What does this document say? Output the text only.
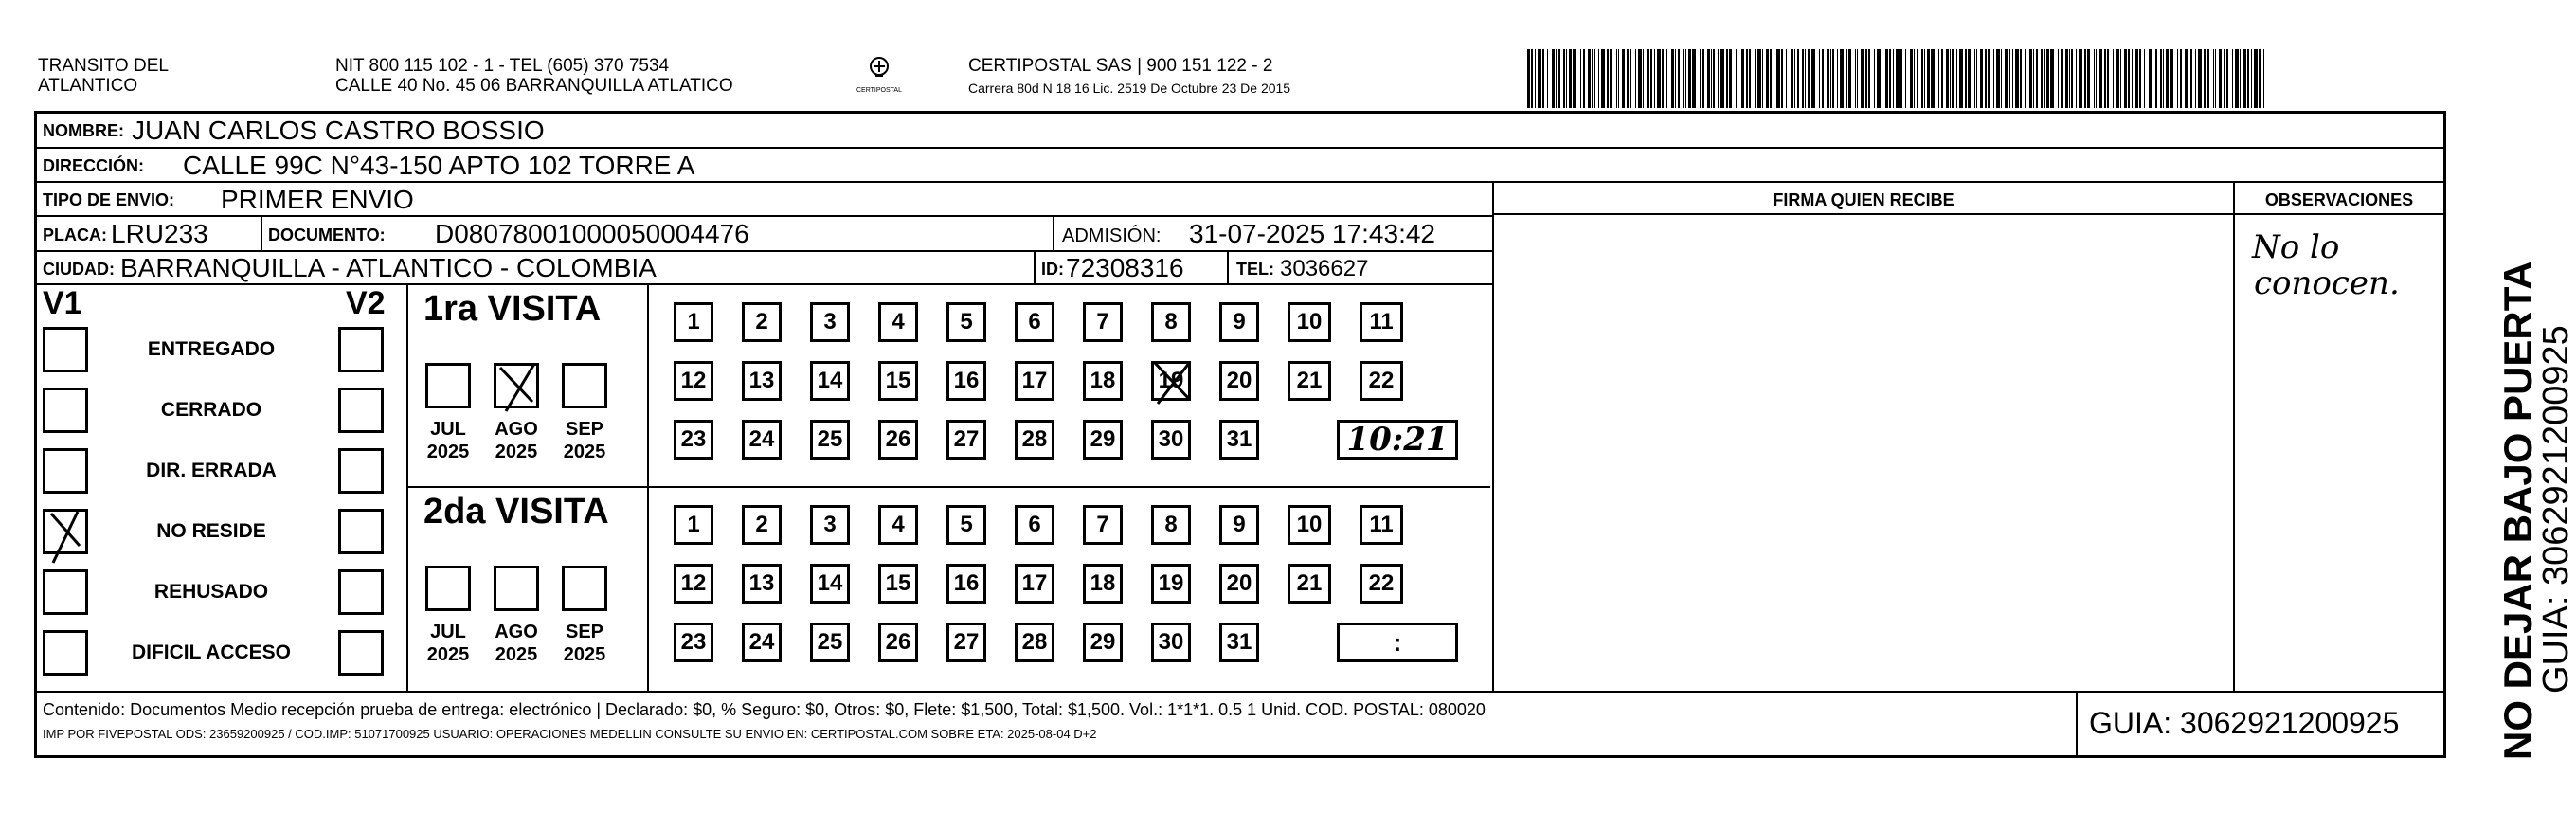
TRANSITO DEL
ATLANTICO
NIT 800 115 102 - 1 - TEL (605) 370 7534
CALLE 40 No. 45 06 BARRANQUILLA ATLATICO	CERTIPOSTAL
CERTIPOSTAL SAS | 900 151 122 - 2
Carrera 80d N 18 16 Lic. 2519 De Octubre 23 De 2015
NOMBRE: JUAN CARLOS CASTRO BOSSIO
DIRECCIÓN: CALLE 99C N°43-150 APTO 102 TORRE A
TIPO DE ENVIO: PRIMER ENVIO
PLACA: LRU233	DOCUMENTO: D08078001000050004476	ADMISIÓN: 31-07-2025 17:43:42
CIUDAD: BARRANQUILLA - ATLANTICO - COLOMBIA	ID: 72308316	TEL: 3036627
FIRMA QUIEN RECIBE	OBSERVACIONES
No lo
conocen.
V1	V2
ENTREGADO
CERRADO
DIR. ERRADA
NO RESIDE
REHUSADO
DIFICIL ACCESO
1ra VISITA
JUL
2025
AGO
2025
SEP
2025
1	2	3	4	5	6	7	8	9	10	11
12	13	14	15	16	17	18	19	20	21	22
23	24	25	26	27	28	29	30	31	10:21
2da VISITA
JUL
2025
AGO
2025
SEP
2025
1	2	3	4	5	6	7	8	9	10	11
12	13	14	15	16	17	18	19	20	21	22
23	24	25	26	27	28	29	30	31	:
Contenido: Documentos Medio recepción prueba de entrega: electrónico | Declarado: $0, % Seguro: $0, Otros: $0, Flete: $1,500, Total: $1,500. Vol.: 1*1*1. 0.5 1 Unid. COD. POSTAL: 080020
IMP POR FIVEPOSTAL ODS: 23659200925 / COD.IMP: 51071700925 USUARIO: OPERACIONES MEDELLIN CONSULTE SU ENVIO EN: CERTIPOSTAL.COM SOBRE ETA: 2025-08-04 D+2	GUIA: 3062921200925 NO DEJAR BAJO PUERTA
GUIA: 3062921200925
